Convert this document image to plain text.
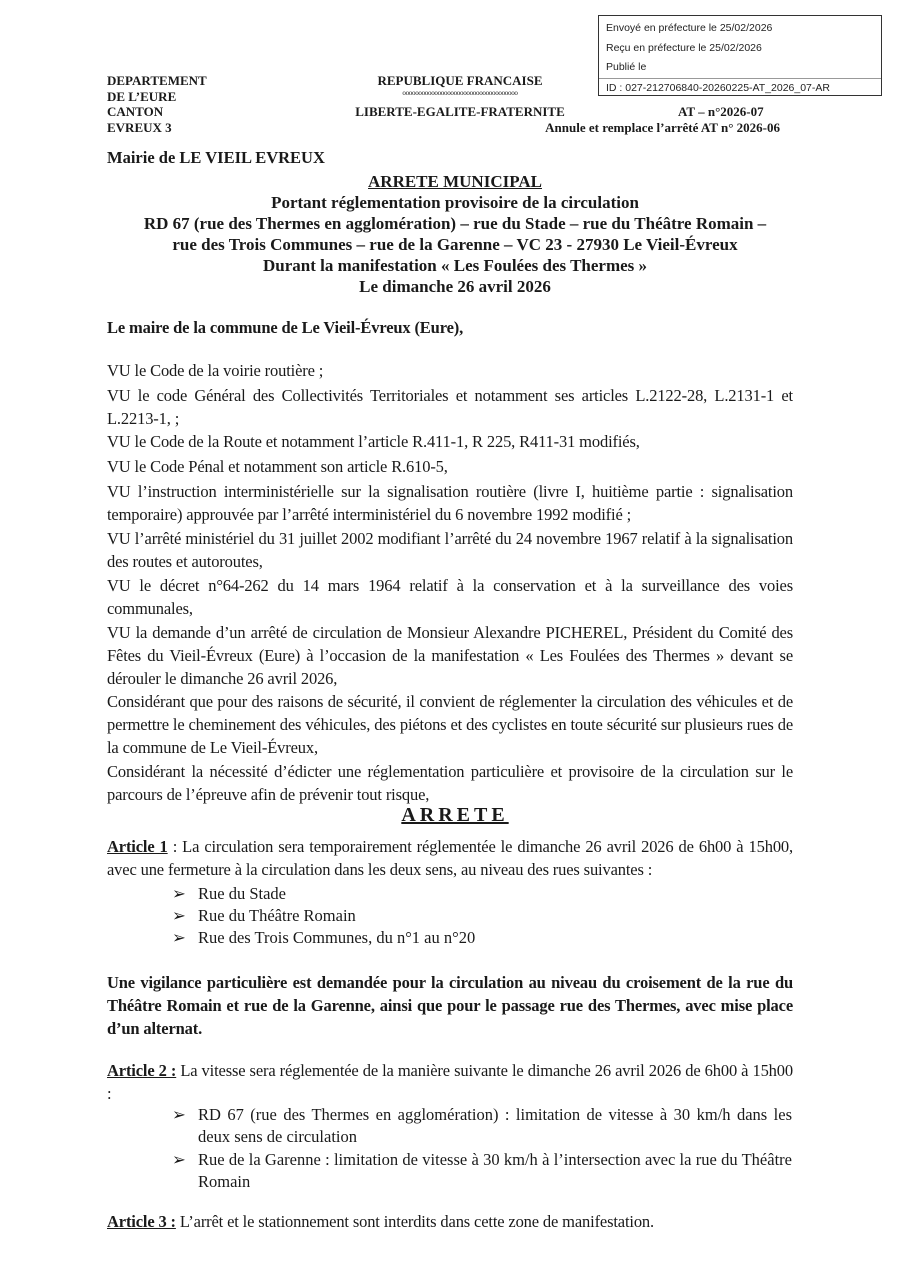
Envoyé en préfecture le 25/02/2026
Reçu en préfecture le 25/02/2026
Publié le
ID : 027-212706840-20260225-AT_2026_07-AR
DEPARTEMENT
DE L’EURE
CANTON
EVREUX 3
REPUBLIQUE FRANCAISE
oooooooooooooooooooooooooooooooooooo
LIBERTE-EGALITE-FRATERNITE	AT – n°2026-07
Annule et remplace l’arrêté AT n° 2026-06
Mairie de LE VIEIL EVREUX
ARRETE MUNICIPAL
Portant réglementation provisoire de la circulation
RD 67 (rue des Thermes en agglomération) – rue du Stade – rue du Théâtre Romain –
rue des Trois Communes – rue de la Garenne – VC 23 - 27930 Le Vieil-Évreux
Durant la manifestation « Les Foulées des Thermes »
Le dimanche 26 avril 2026
Le maire de la commune de Le Vieil-Évreux (Eure),
VU le Code de la voirie routière ;
VU le code Général des Collectivités Territoriales et notamment ses articles L.2122-28, L.2131-1 et L.2213-1, ;
VU le Code de la Route et notamment l’article R.411-1, R 225, R411-31 modifiés,
VU le Code Pénal et notamment son article R.610-5,
VU l’instruction interministérielle sur la signalisation routière (livre I, huitième partie : signalisation temporaire) approuvée par l’arrêté interministériel du 6 novembre 1992 modifié ;
VU l’arrêté ministériel du 31 juillet 2002 modifiant l’arrêté du 24 novembre 1967 relatif à la signalisation des routes et autoroutes,
VU le décret n°64-262 du 14 mars 1964 relatif à la conservation et à la surveillance des voies communales,
VU la demande d’un arrêté de circulation de Monsieur Alexandre PICHEREL, Président du Comité des Fêtes du Vieil-Évreux (Eure) à l’occasion de la manifestation « Les Foulées des Thermes » devant se dérouler le dimanche 26 avril 2026,
Considérant que pour des raisons de sécurité, il convient de réglementer la circulation des véhicules et de permettre le cheminement des véhicules, des piétons et des cyclistes en toute sécurité sur plusieurs rues de la commune de Le Vieil-Évreux,
Considérant la nécessité d’édicter une réglementation particulière et provisoire de la circulation sur le parcours de l’épreuve afin de prévenir tout risque,
ARRETE
Article 1 : La circulation sera temporairement réglementée le dimanche 26 avril 2026 de 6h00 à 15h00, avec une fermeture à la circulation dans les deux sens, au niveau des rues suivantes :
➢ Rue du Stade
➢ Rue du Théâtre Romain
➢ Rue des Trois Communes, du n°1 au n°20
Une vigilance particulière est demandée pour la circulation au niveau du croisement de la rue du Théâtre Romain et rue de la Garenne, ainsi que pour le passage rue des Thermes, avec mise place d’un alternat.
Article 2 : La vitesse sera réglementée de la manière suivante le dimanche 26 avril 2026 de 6h00 à 15h00 :
➢ RD 67 (rue des Thermes en agglomération) : limitation de vitesse à 30 km/h dans les deux sens de circulation
➢ Rue de la Garenne : limitation de vitesse à 30 km/h à l’intersection avec la rue du Théâtre Romain
Article 3 : L’arrêt et le stationnement sont interdits dans cette zone de manifestation.
